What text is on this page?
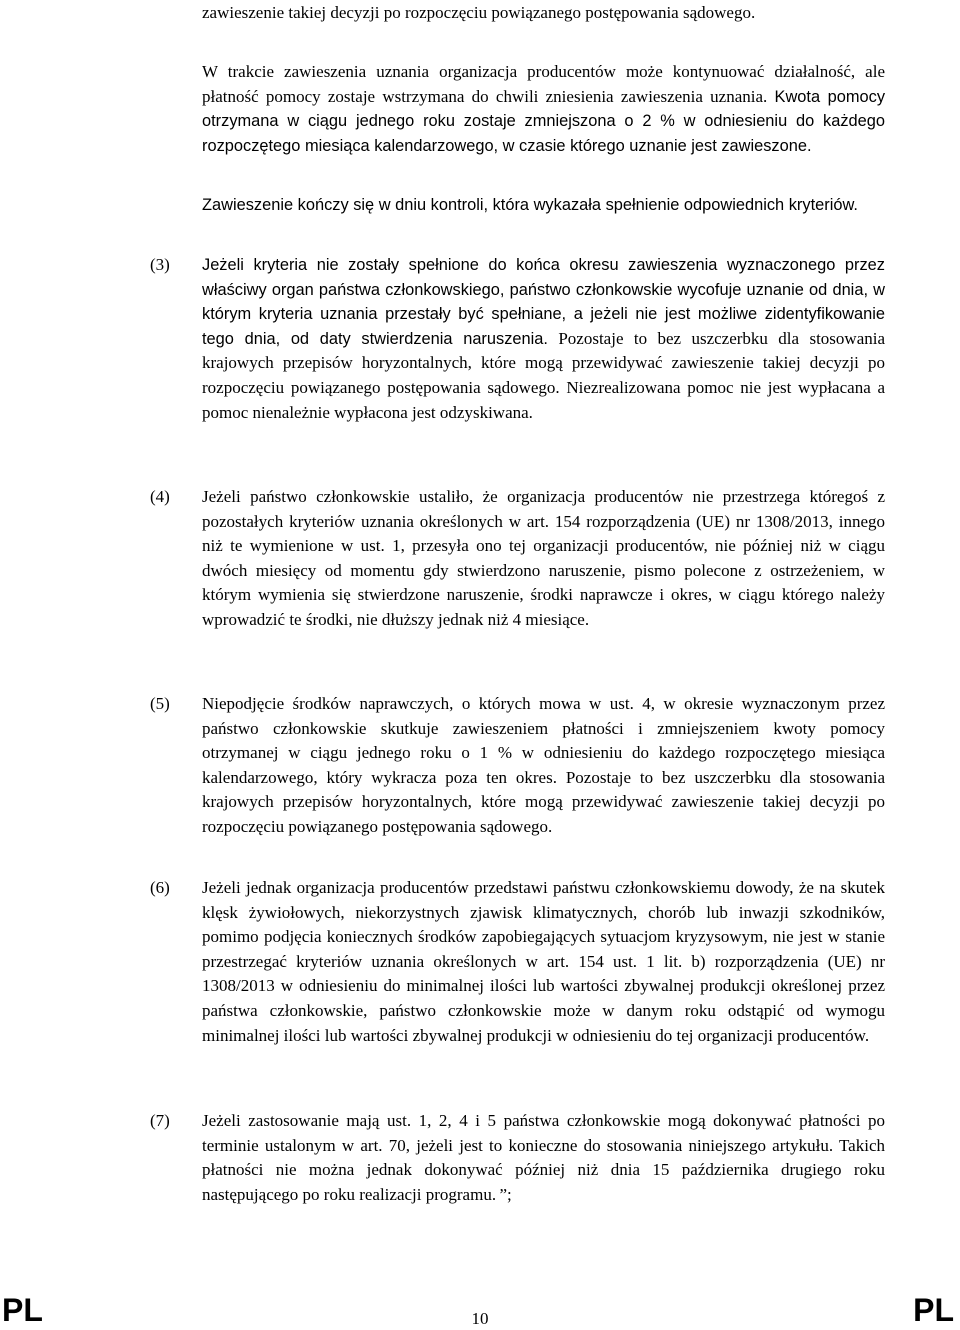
zawieszenie takiej decyzji po rozpoczęciu powiązanego postępowania sądowego.

W trakcie zawieszenia uznania organizacja producentów może kontynuować działalność, ale płatność pomocy zostaje wstrzymana do chwili zniesienia zawieszenia uznania. Kwota pomocy otrzymana w ciągu jednego roku zostaje zmniejszona o 2 % w odniesieniu do każdego rozpoczętego miesiąca kalendarzowego, w czasie którego uznanie jest zawieszone.

Zawieszenie kończy się w dniu kontroli, która wykazała spełnienie odpowiednich kryteriów.

(3) Jeżeli kryteria nie zostały spełnione do końca okresu zawieszenia wyznaczonego przez właściwy organ państwa członkowskiego, państwo członkowskie wycofuje uznanie od dnia, w którym kryteria uznania przestały być spełniane, a jeżeli nie jest możliwe zidentyfikowanie tego dnia, od daty stwierdzenia naruszenia. Pozostaje to bez uszczerbku dla stosowania krajowych przepisów horyzontalnych, które mogą przewidywać zawieszenie takiej decyzji po rozpoczęciu powiązanego postępowania sądowego. Niezrealizowana pomoc nie jest wypłacana a pomoc nienależnie wypłacona jest odzyskiwana.

(4) Jeżeli państwo członkowskie ustaliło, że organizacja producentów nie przestrzega któregoś z pozostałych kryteriów uznania określonych w art. 154 rozporządzenia (UE) nr 1308/2013, innego niż te wymienione w ust. 1, przesyła ono tej organizacji producentów, nie później niż w ciągu dwóch miesięcy od momentu gdy stwierdzono naruszenie, pismo polecone z ostrzeżeniem, w którym wymienia się stwierdzone naruszenie, środki naprawcze i okres, w ciągu którego należy wprowadzić te środki, nie dłuższy jednak niż 4 miesiące.

(5) Niepodjęcie środków naprawczych, o których mowa w ust. 4, w okresie wyznaczonym przez państwo członkowskie skutkuje zawieszeniem płatności i zmniejszeniem kwoty pomocy otrzymanej w ciągu jednego roku o 1 % w odniesieniu do każdego rozpoczętego miesiąca kalendarzowego, który wykracza poza ten okres. Pozostaje to bez uszczerbku dla stosowania krajowych przepisów horyzontalnych, które mogą przewidywać zawieszenie takiej decyzji po rozpoczęciu powiązanego postępowania sądowego.

(6) Jeżeli jednak organizacja producentów przedstawi państwu członkowskiemu dowody, że na skutek klęsk żywiołowych, niekorzystnych zjawisk klimatycznych, chorób lub inwazji szkodników, pomimo podjęcia koniecznych środków zapobiegających sytuacjom kryzysowym, nie jest w stanie przestrzegać kryteriów uznania określonych w art. 154 ust. 1 lit. b) rozporządzenia (UE) nr 1308/2013 w odniesieniu do minimalnej ilości lub wartości zbywalnej produkcji określonej przez państwa członkowskie, państwo członkowskie może w danym roku odstąpić od wymogu minimalnej ilości lub wartości zbywalnej produkcji w odniesieniu do tej organizacji producentów.

(7) Jeżeli zastosowanie mają ust. 1, 2, 4 i 5 państwa członkowskie mogą dokonywać płatności po terminie ustalonym w art. 70, jeżeli jest to konieczne do stosowania niniejszego artykułu. Takich płatności nie można jednak dokonywać później niż dnia 15 października drugiego roku następującego po roku realizacji programu. ”;

PL	10	PL
